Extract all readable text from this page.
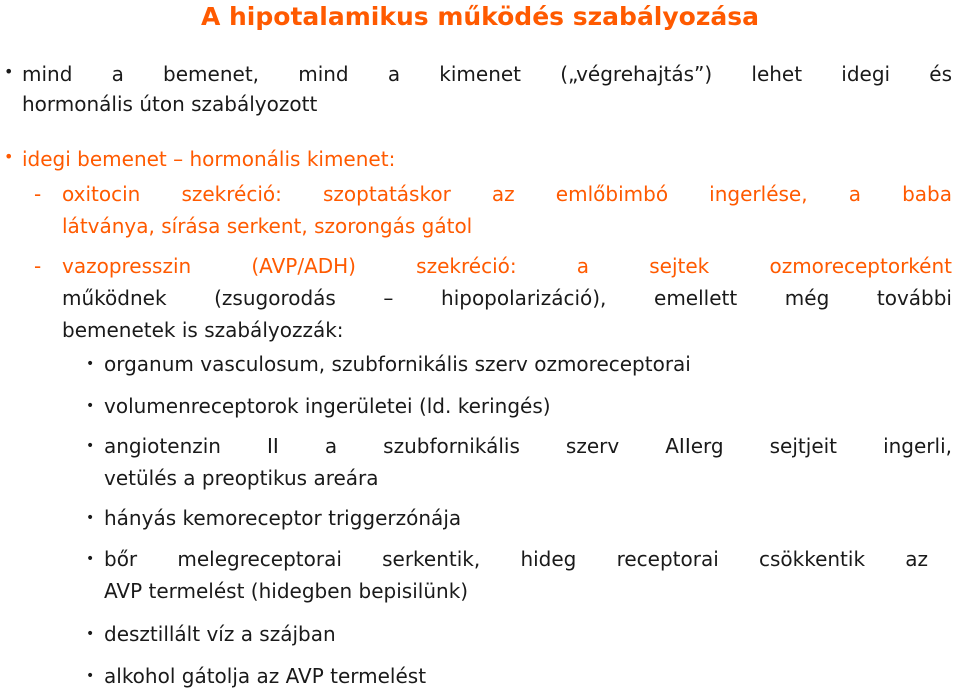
A hipotalamikus működés szabályozása
• mind a bemenet, mind a kimenet („végrehajtás”) lehet idegi és
hormonális úton szabályozott
• idegi bemenet – hormonális kimenet:
- oxitocin szekréció: szoptatáskor az emlőbimbó ingerlése, a baba
látványa, sírása serkent, szorongás gátol
- vazopresszin (AVP/ADH) szekréció: a sejtek ozmoreceptorként
működnek (zsugorodás – hipopolarizáció), emellett még további
bemenetek is szabályozzák:
• organum vasculosum, szubfornikális szerv ozmoreceptorai
• volumenreceptorok ingerületei (ld. keringés)
• angiotenzin II a szubfornikális szerv AIIerg sejtjeit ingerli,
vetülés a preoptikus areára
• hányás kemoreceptor triggerzónája
• bőr melegreceptorai serkentik, hideg receptorai csökkentik az
AVP termelést (hidegben bepisilünk)
• desztillált víz a szájban
• alkohol gátolja az AVP termelést
